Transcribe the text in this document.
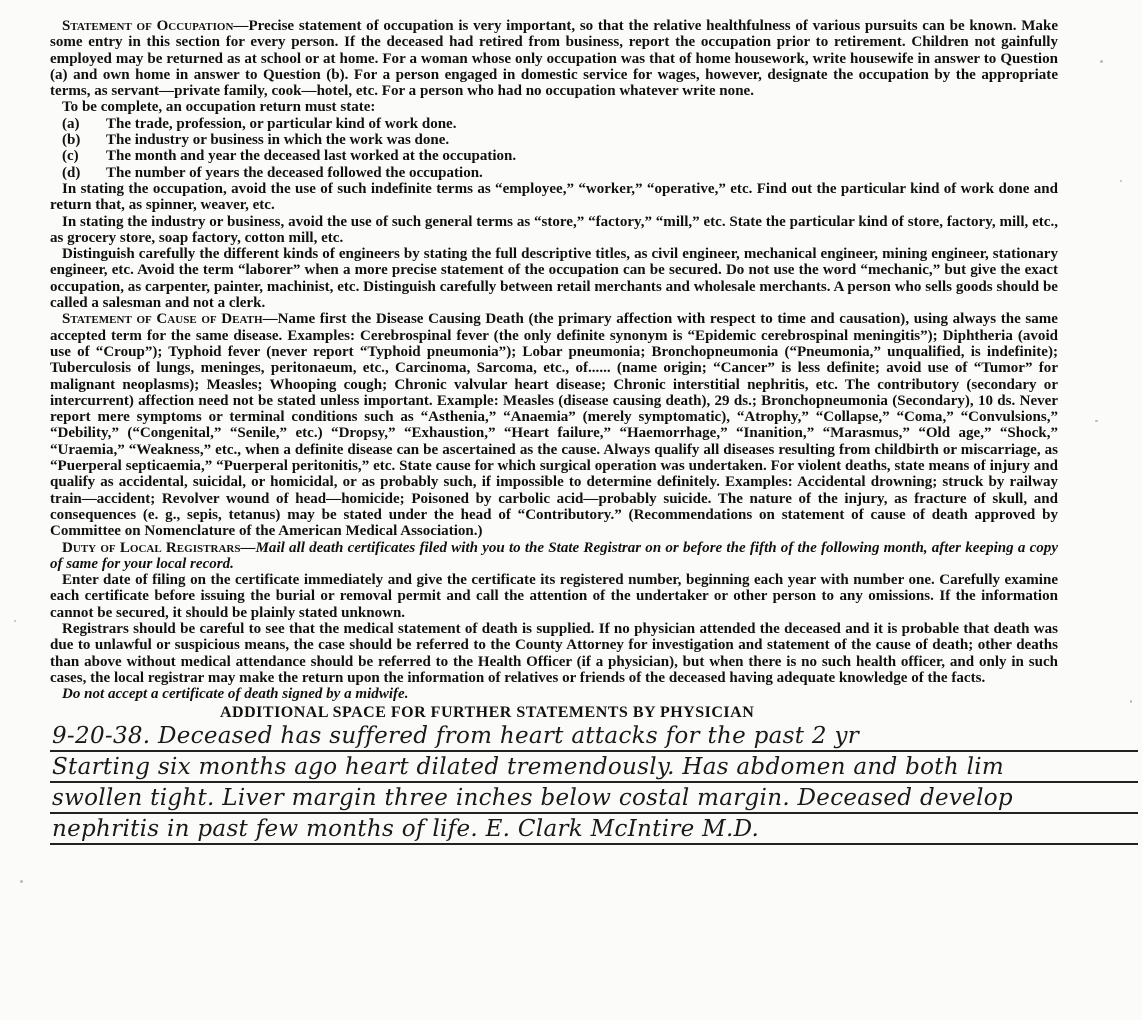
Statement of Occupation—Precise statement of occupation is very important, so that the relative healthfulness of various pursuits can be known. Make some entry in this section for every person. If the deceased had retired from business, report the occupation prior to retirement. Children not gainfully employed may be returned as at school or at home. For a woman whose only occupation was that of home housework, write housewife in answer to Question (a) and own home in answer to Question (b). For a person engaged in domestic service for wages, however, designate the occupation by the appropriate terms, as servant—private family, cook—hotel, etc. For a person who had no occupation whatever write none.

To be complete, an occupation return must state:

(a)	The trade, profession, or particular kind of work done.
(b)	The industry or business in which the work was done.
(c)	The month and year the deceased last worked at the occupation.
(d)	The number of years the deceased followed the occupation.

In stating the occupation, avoid the use of such indefinite terms as “employee,” “worker,” “operative,” etc. Find out the particular kind of work done and return that, as spinner, weaver, etc.

In stating the industry or business, avoid the use of such general terms as “store,” “factory,” “mill,” etc. State the particular kind of store, factory, mill, etc., as grocery store, soap factory, cotton mill, etc.

Distinguish carefully the different kinds of engineers by stating the full descriptive titles, as civil engineer, mechanical engineer, mining engineer, stationary engineer, etc. Avoid the term “laborer” when a more precise statement of the occupation can be secured. Do not use the word “mechanic,” but give the exact occupation, as carpenter, painter, machinist, etc. Distinguish carefully between retail merchants and wholesale merchants. A person who sells goods should be called a salesman and not a clerk.

Statement of Cause of Death—Name first the Disease Causing Death (the primary affection with respect to time and causation), using always the same accepted term for the same disease. Examples: Cerebrospinal fever (the only definite synonym is “Epidemic cerebrospinal meningitis”); Diphtheria (avoid use of “Croup”); Typhoid fever (never report “Typhoid pneumonia”); Lobar pneumonia; Bronchopneumonia (“Pneumonia,” unqualified, is indefinite); Tuberculosis of lungs, meninges, peritonaeum, etc., Carcinoma, Sarcoma, etc., of...... (name origin; “Cancer” is less definite; avoid use of “Tumor” for malignant neoplasms); Measles; Whooping cough; Chronic valvular heart disease; Chronic interstitial nephritis, etc. The contributory (secondary or intercurrent) affection need not be stated unless important. Example: Measles (disease causing death), 29 ds.; Bronchopneumonia (Secondary), 10 ds. Never report mere symptoms or terminal conditions such as “Asthenia,” “Anaemia” (merely symptomatic), “Atrophy,” “Collapse,” “Coma,” “Convulsions,” “Debility,” (“Congenital,” “Senile,” etc.) “Dropsy,” “Exhaustion,” “Heart failure,” “Haemorrhage,” “Inanition,” “Marasmus,” “Old age,” “Shock,” “Uraemia,” “Weakness,” etc., when a definite disease can be ascertained as the cause. Always qualify all diseases resulting from childbirth or miscarriage, as “Puerperal septicaemia,” “Puerperal peritonitis,” etc. State cause for which surgical operation was undertaken. For violent deaths, state means of injury and qualify as accidental, suicidal, or homicidal, or as probably such, if impossible to determine definitely. Examples: Accidental drowning; struck by railway train—accident; Revolver wound of head—homicide; Poisoned by carbolic acid—probably suicide. The nature of the injury, as fracture of skull, and consequences (e. g., sepis, tetanus) may be stated under the head of “Contributory.” (Recommendations on statement of cause of death approved by Committee on Nomenclature of the American Medical Association.)

Duty of Local Registrars—Mail all death certificates filed with you to the State Registrar on or before the fifth of the following month, after keeping a copy of same for your local record.

Enter date of filing on the certificate immediately and give the certificate its registered number, beginning each year with number one. Carefully examine each certificate before issuing the burial or removal permit and call the attention of the undertaker or other person to any omissions. If the information cannot be secured, it should be plainly stated unknown.

Registrars should be careful to see that the medical statement of death is supplied. If no physician attended the deceased and it is probable that death was due to unlawful or suspicious means, the case should be referred to the County Attorney for investigation and statement of the cause of death; other deaths than above without medical attendance should be referred to the Health Officer (if a physician), but when there is no such health officer, and only in such cases, the local registrar may make the return upon the information of relatives or friends of the deceased having adequate knowledge of the facts.

Do not accept a certificate of death signed by a midwife.

ADDITIONAL SPACE FOR FURTHER STATEMENTS BY PHYSICIAN
9-20-38. Deceased has suffered from heart attacks for the past 2 yr
Starting six months ago heart dilated tremendously. Has abdomen and both lim
swollen tight. Liver margin three inches below costal margin. Deceased develop
nephritis in past few months of life. E. Clark McIntire M.D.
